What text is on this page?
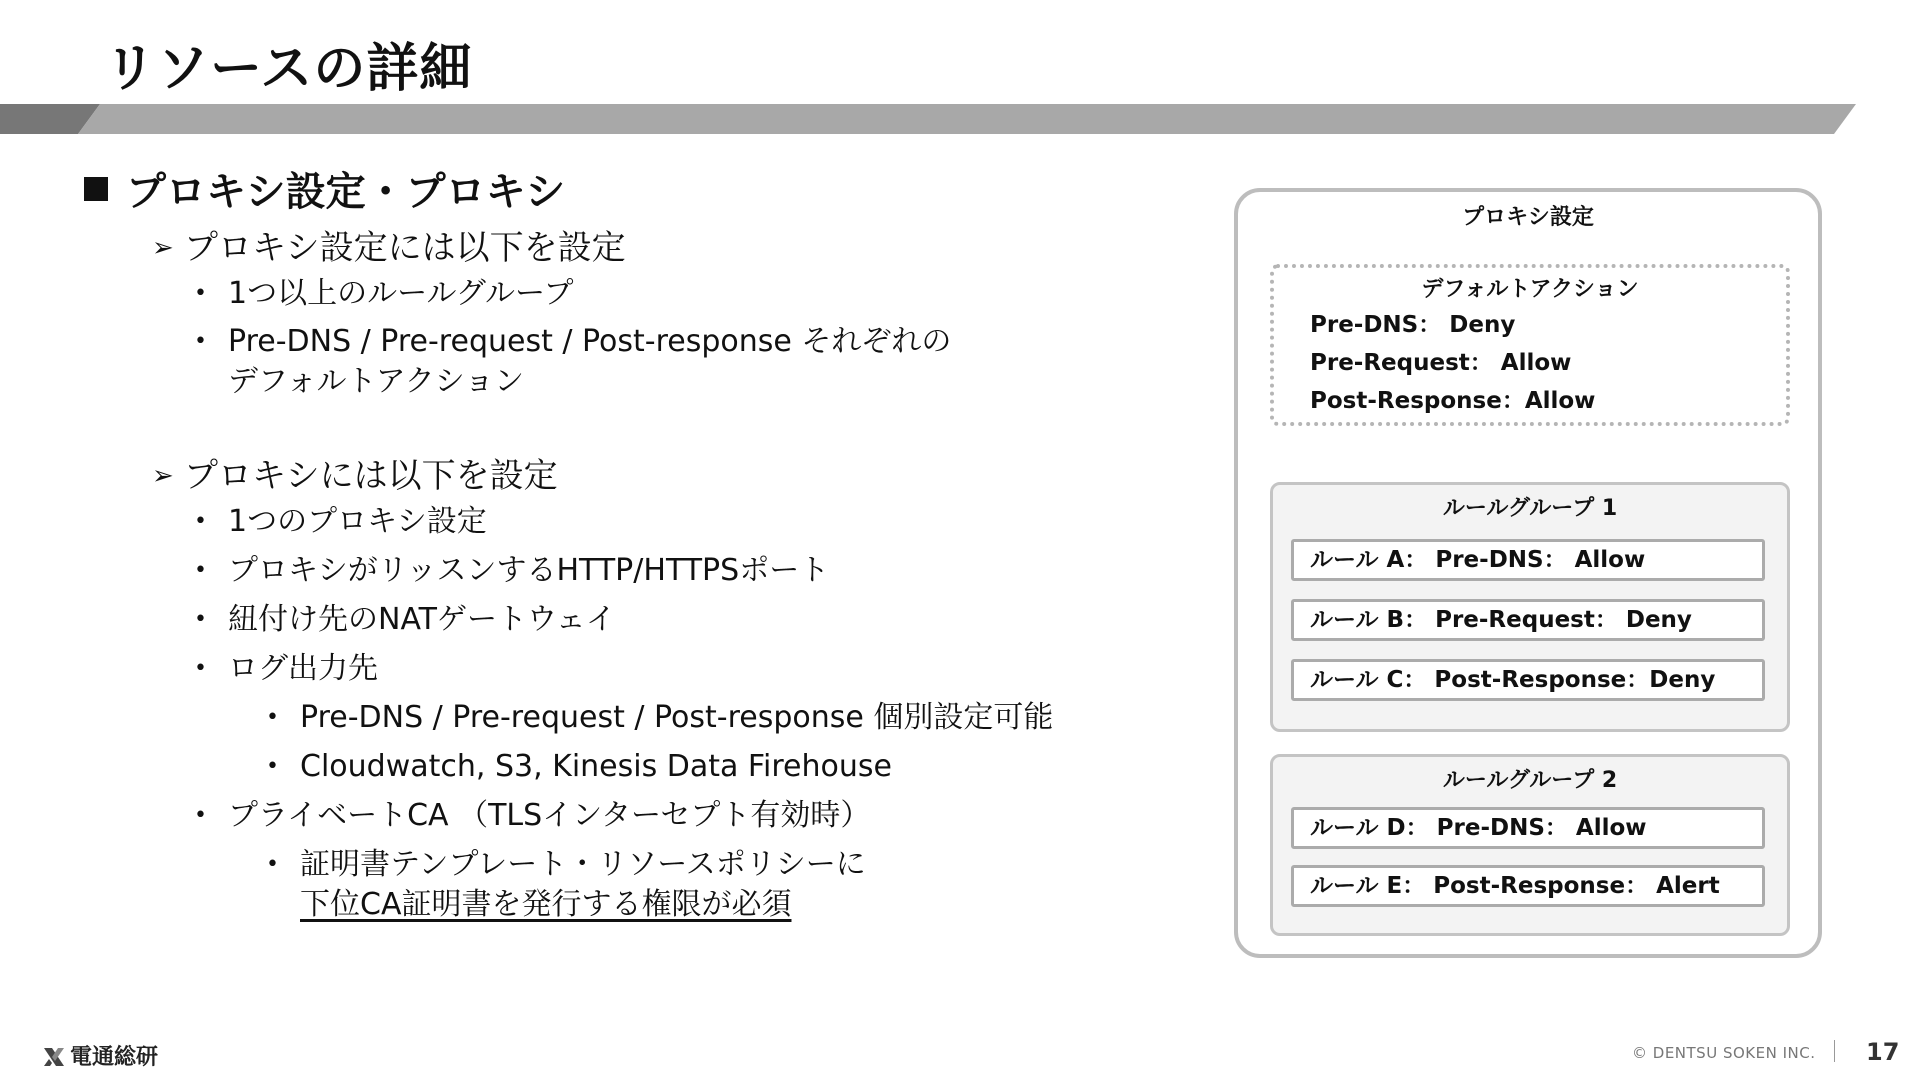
リソースの詳細
プロキシ設定・プロキシ
➢ プロキシ設定には以下を設定
• 1つ以上のルールグループ
• Pre-DNS / Pre-request / Post-response それぞれの
デフォルトアクション
➢ プロキシには以下を設定
• 1つのプロキシ設定
• プロキシがリッスンするHTTP/HTTPSポート
• 紐付け先のNATゲートウェイ
• ログ出力先
• Pre-DNS / Pre-request / Post-response 個別設定可能
• Cloudwatch, S3, Kinesis Data Firehouse
• プライベートCA （TLSインターセプト有効時）
• 証明書テンプレート・リソースポリシーに
下位CA証明書を発行する権限が必須
プロキシ設定
デフォルトアクション
Pre-DNS： Deny
Pre-Request： Allow
Post-Response：Allow
ルールグループ 1
ルール A： Pre-DNS： Allow
ルール B： Pre-Request： Deny
ルール C： Post-Response：Deny
ルールグループ 2
ルール D： Pre-DNS： Allow
ルール E： Post-Response： Alert
電通総研	© DENTSU SOKEN INC. 17
